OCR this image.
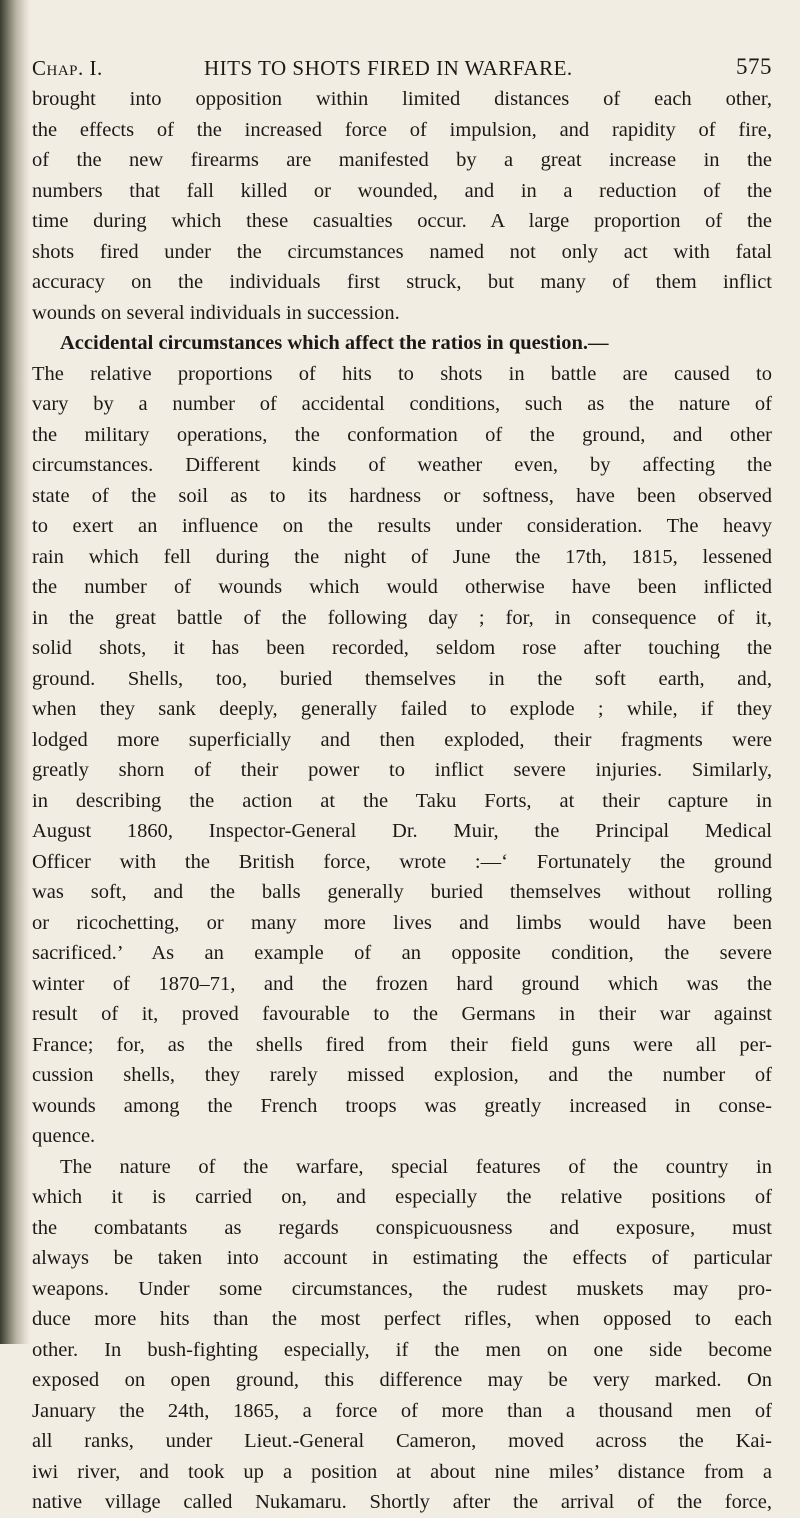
Chap. I.	HITS TO SHOTS FIRED IN WARFARE.	575
brought into opposition within limited distances of each other,
the effects of the increased force of impulsion, and rapidity of fire,
of the new firearms are manifested by a great increase in the
numbers that fall killed or wounded, and in a reduction of the
time during which these casualties occur. A large proportion of the
shots fired under the circumstances named not only act with fatal
accuracy on the individuals first struck, but many of them inflict
wounds on several individuals in succession.
Accidental circumstances which affect the ratios in question.—
The relative proportions of hits to shots in battle are caused to
vary by a number of accidental conditions, such as the nature of
the military operations, the conformation of the ground, and other
circumstances. Different kinds of weather even, by affecting the
state of the soil as to its hardness or softness, have been observed
to exert an influence on the results under consideration. The heavy
rain which fell during the night of June the 17th, 1815, lessened
the number of wounds which would otherwise have been inflicted
in the great battle of the following day ; for, in consequence of it,
solid shots, it has been recorded, seldom rose after touching the
ground. Shells, too, buried themselves in the soft earth, and,
when they sank deeply, generally failed to explode ; while, if they
lodged more superficially and then exploded, their fragments were
greatly shorn of their power to inflict severe injuries. Similarly,
in describing the action at the Taku Forts, at their capture in
August 1860, Inspector-General Dr. Muir, the Principal Medical
Officer with the British force, wrote :—‘ Fortunately the ground
was soft, and the balls generally buried themselves without rolling
or ricochetting, or many more lives and limbs would have been
sacrificed.’ As an example of an opposite condition, the severe
winter of 1870–71, and the frozen hard ground which was the
result of it, proved favourable to the Germans in their war against
France; for, as the shells fired from their field guns were all per-
cussion shells, they rarely missed explosion, and the number of
wounds among the French troops was greatly increased in conse-
quence.
The nature of the warfare, special features of the country in
which it is carried on, and especially the relative positions of
the combatants as regards conspicuousness and exposure, must
always be taken into account in estimating the effects of particular
weapons. Under some circumstances, the rudest muskets may pro-
duce more hits than the most perfect rifles, when opposed to each
other. In bush-fighting especially, if the men on one side become
exposed on open ground, this difference may be very marked. On
January the 24th, 1865, a force of more than a thousand men of
all ranks, under Lieut.-General Cameron, moved across the Kai-
iwi river, and took up a position at about nine miles’ distance from a
native village called Nukamaru. Shortly after the arrival of the force,
